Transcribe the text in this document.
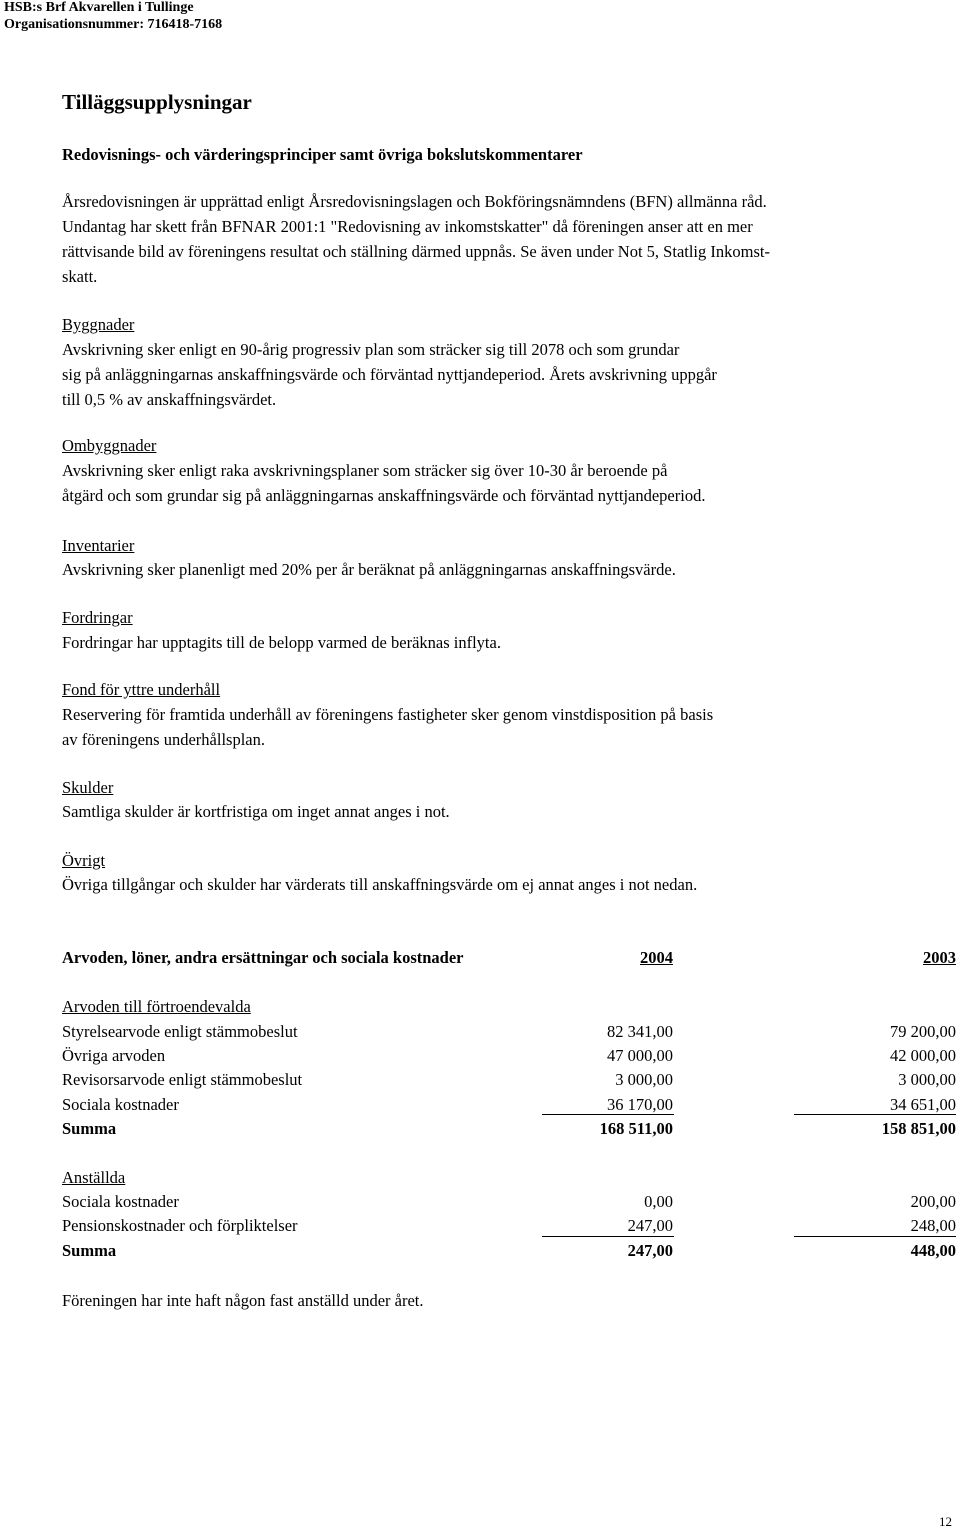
HSB:s Brf Akvarellen i Tullinge
Organisationsnummer: 716418-7168
Tilläggsupplysningar
Redovisnings- och värderingsprinciper samt övriga bokslutskommentarer
Årsredovisningen är upprättad enligt Årsredovisningslagen och Bokföringsnämndens (BFN) allmänna råd.
Undantag har skett från BFNAR 2001:1 "Redovisning av inkomstskatter" då föreningen anser att en mer
rättvisande bild av föreningens resultat och ställning därmed uppnås. Se även under Not 5, Statlig Inkomst-
skatt.
Byggnader
Avskrivning sker enligt en 90-årig progressiv plan som sträcker sig till 2078 och som grundar
sig på anläggningarnas anskaffningsvärde och förväntad nyttjandeperiod. Årets avskrivning uppgår
till 0,5 % av anskaffningsvärdet.
Ombyggnader
Avskrivning sker enligt raka avskrivningsplaner som sträcker sig över 10-30 år beroende på
åtgärd och som grundar sig på anläggningarnas anskaffningsvärde och förväntad nyttjandeperiod.
Inventarier
Avskrivning sker planenligt med 20% per år beräknat på anläggningarnas anskaffningsvärde.
Fordringar
Fordringar har upptagits till de belopp varmed de beräknas inflyta.
Fond för yttre underhåll
Reservering för framtida underhåll av föreningens fastigheter sker genom vinstdisposition på basis
av föreningens underhållsplan.
Skulder
Samtliga skulder är kortfristiga om inget annat anges i not.
Övrigt
Övriga tillgångar och skulder har värderats till anskaffningsvärde om ej annat anges i not nedan.
Arvoden, löner, andra ersättningar och sociala kostnader	2004	2003
Arvoden till förtroendevalda
Styrelsearvode enligt stämmobeslut	82 341,00	79 200,00
Övriga arvoden	47 000,00	42 000,00
Revisorsarvode enligt stämmobeslut	3 000,00	3 000,00
Sociala kostnader	36 170,00	34 651,00
Summa	168 511,00	158 851,00
Anställda
Sociala kostnader	0,00	200,00
Pensionskostnader och förpliktelser	247,00	248,00
Summa	247,00	448,00
Föreningen har inte haft någon fast anställd under året.
12
